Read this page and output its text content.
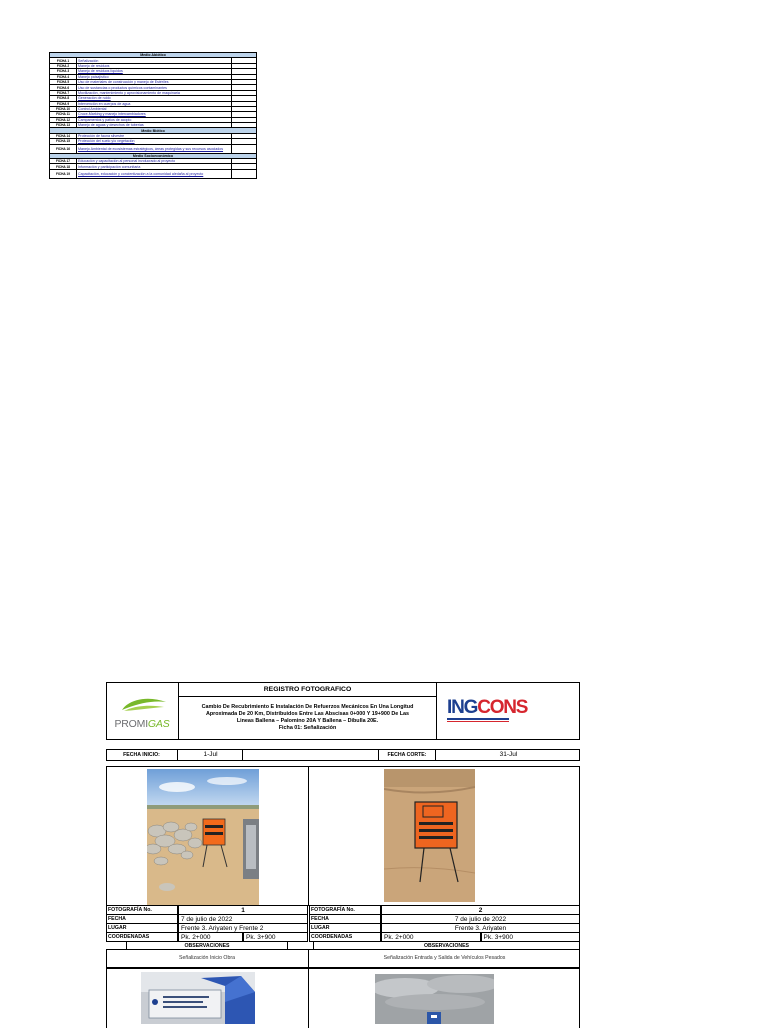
Medio Abiótico		
FICHA 1	Señalización	
FICHA 2	Manejo de residuos	
FICHA 3	Manejo de residuos líquidos	
FICHA 4	Manejo paisajístico	
FICHA 5	Uso de materiales de construcción y manejo de Estériles	
FICHA 6	Uso de sustancias o productos químicos contaminantes	
FICHA 7	Movilización, mantenimiento y aprovisionamiento de maquinaria	
FICHA 8	Generación de ruido	
FICHA 9	Intervención en cuerpos de agua	
FICHA 10	Control Ambiental	
FICHA 11	Cruce-Marking y manejo intercambiadores	
FICHA 12	Campamentos y patios de acopio	
FICHA 13	Manejo de aguas y desechos de tuberías	
Medio Biótico		
FICHA 14	Protección de fauna silvestre	
FICHA 15	Protección del suelo y/o vegetación	
FICHA 16	Manejo Ambiental de ecosistemas estratégicos, áreas protegidas y sus recursos asociados	
Medio Socioeconómico		
FICHA 17	Educación y capacitación al personal involucrado al proyecto	
FICHA 18	Información y participación comunitaria	
FICHA 19	Capacitación, educación y concientización a la comunidad aledaña al proyecto	
PROMIGAS
REGISTRO FOTOGRAFICO
Cambio De Recubrimiento E Instalación De Refuerzos Mecánicos En Una Longitud
Aproximada De 20 Km, Distribuidos Entre Las Abscisas 0+000 Y 19+900 De Las
Lineas Ballena – Palomino 20A Y Ballena – Dibulla 20E.
Ficha 01: Señalización
INGCONS
FECHA INICIO:	1-Jul	FECHA CORTE:	31-Jul
FOTOGRAFÍA No.	1
FECHA	7 de julio de 2022
LUGAR	Frente 3. Ariyaten y Frente 2
COORDENADAS	Pk. 2+000	Pk. 3+900
OBSERVACIONES
FOTOGRAFÍA No.	2
FECHA	7 de julio de 2022
LUGAR	Frente 3. Ariyaten
COORDENADAS	Pk. 2+000	Pk. 3+900
OBSERVACIONES
Señalización Inicio Obra	Señalización Entrada y Salida de Vehículos Pesados
